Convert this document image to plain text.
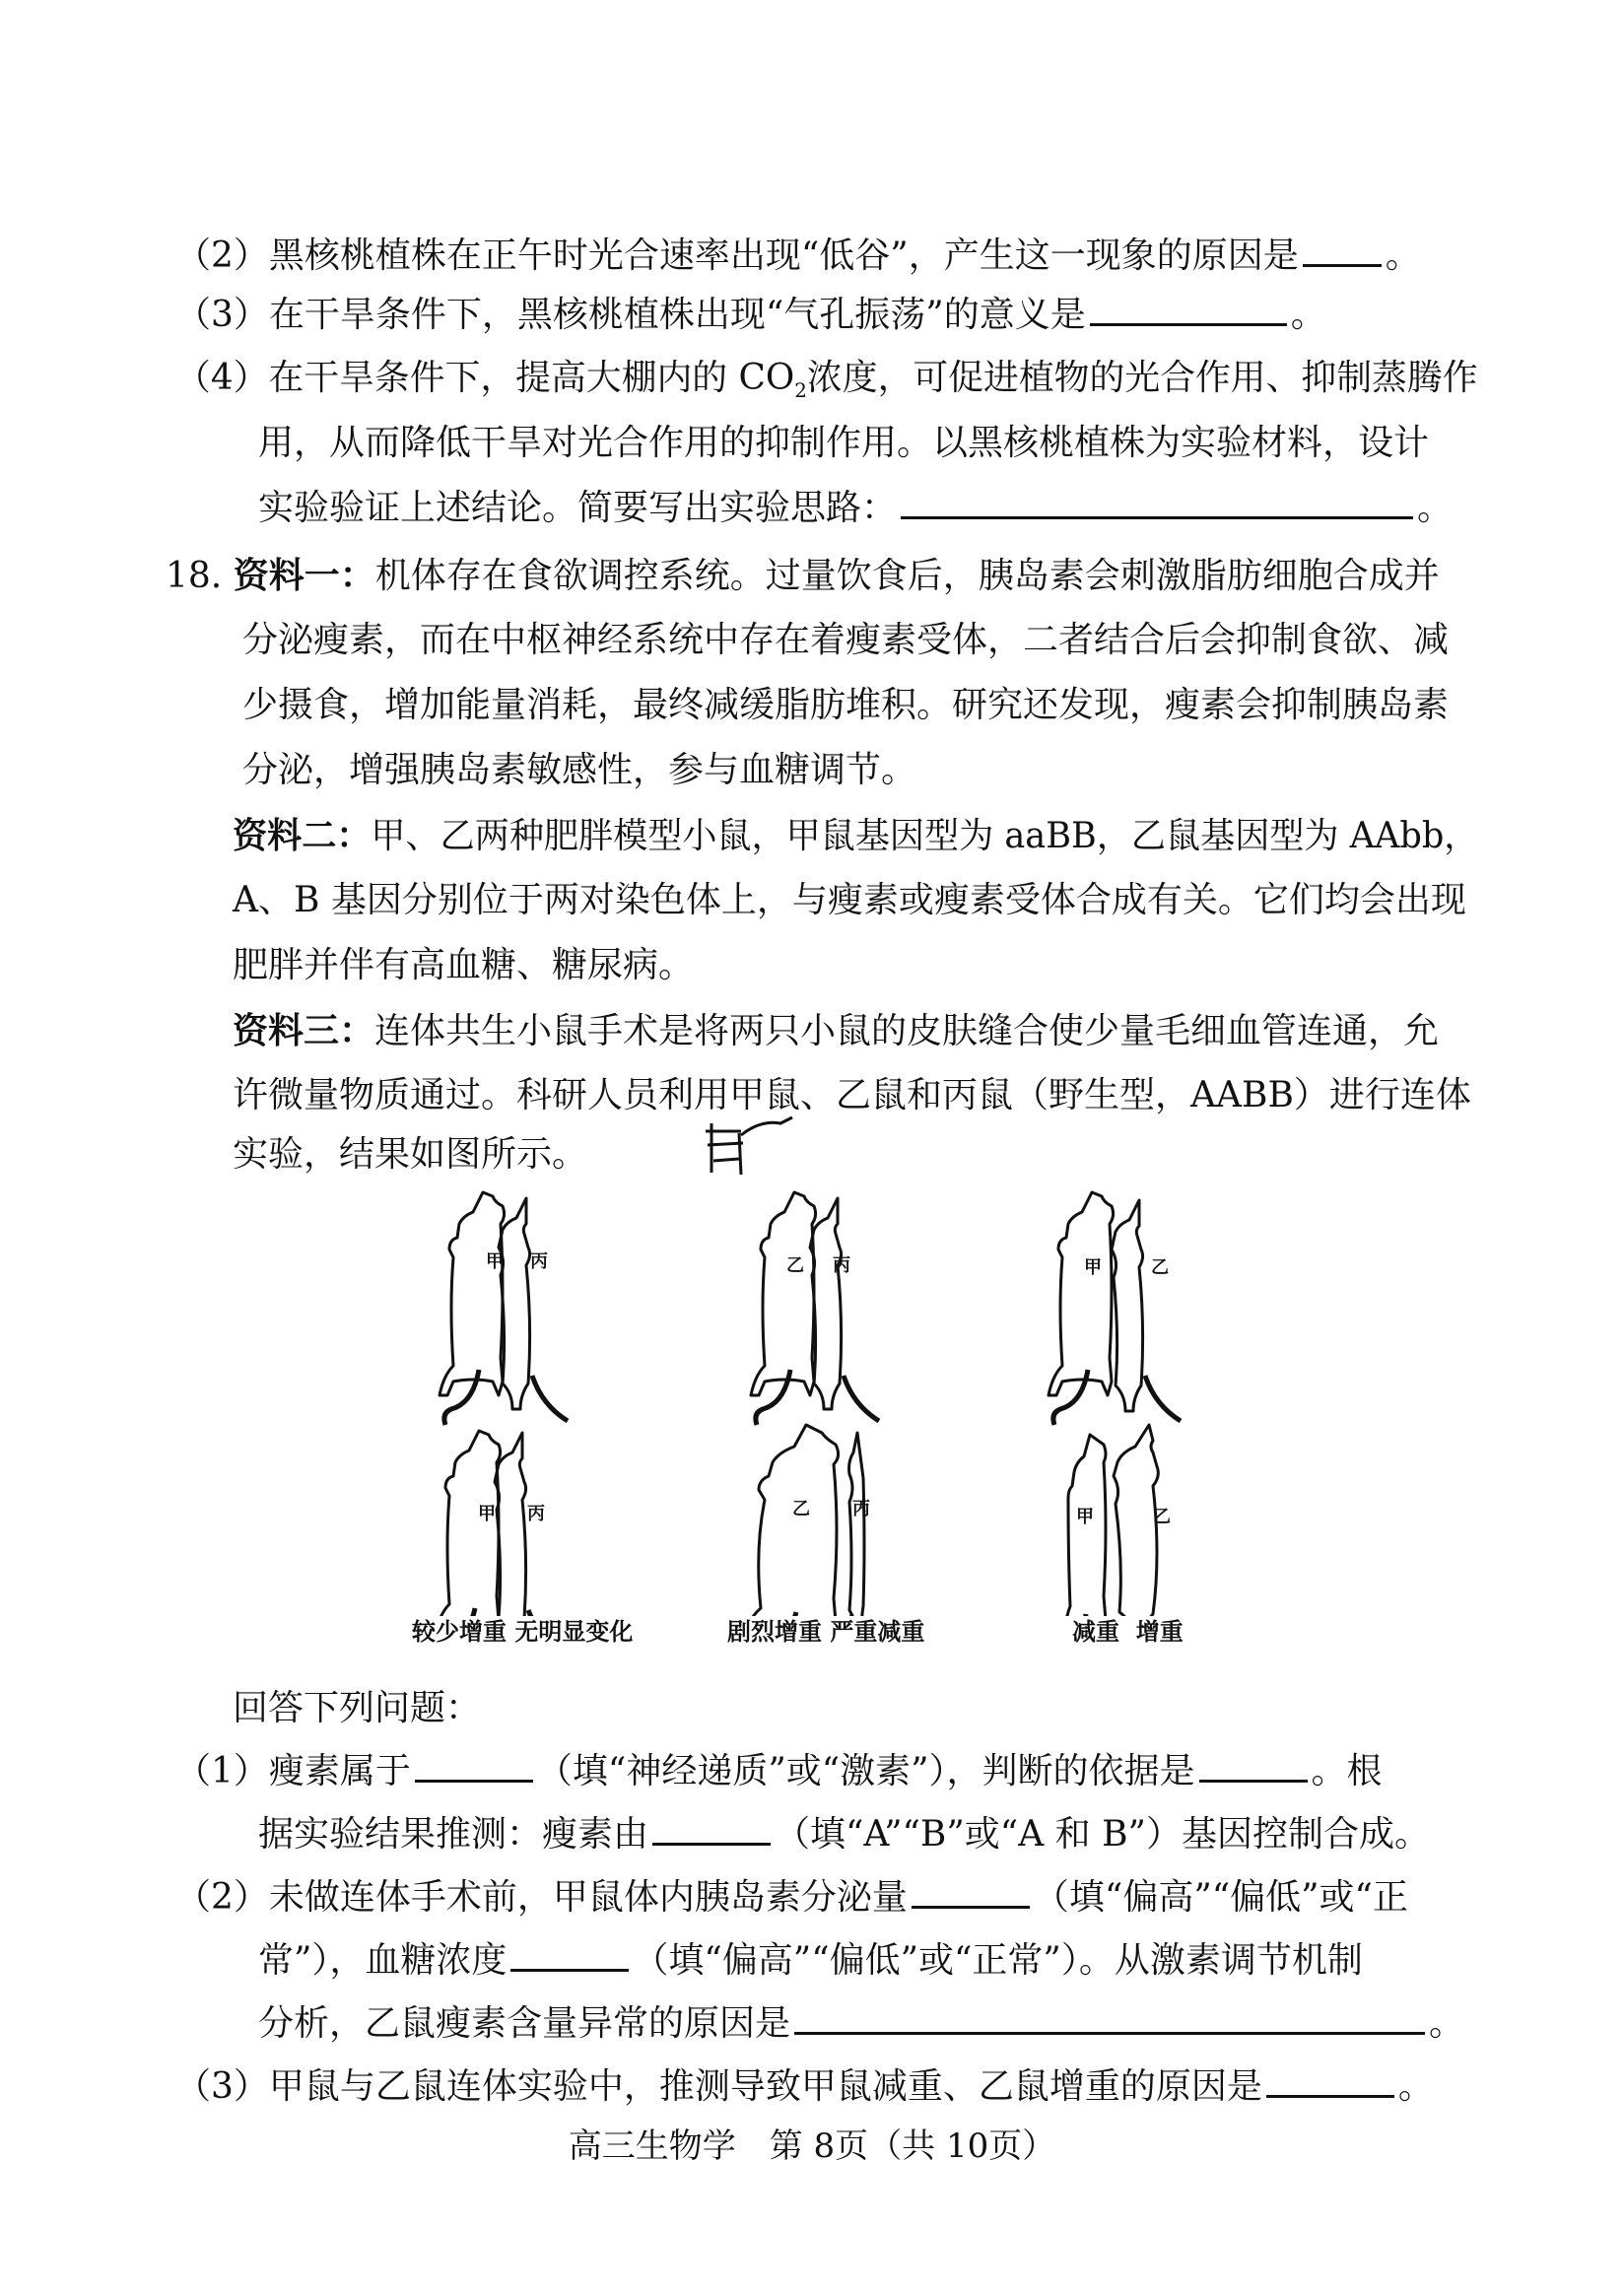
（2）黑核桃植株在正午时光合速率出现“低谷”，产生这一现象的原因是 。
（3）在干旱条件下，黑核桃植株出现“气孔振荡”的意义是	。
（4）在干旱条件下，提高大棚内的 $CO_2$浓度，可促进植物的光合作用、抑制蒸腾作
用，从而降低干旱对光合作用的抑制作用。以黑核桃植株为实验材料，设计
实验验证上述结论。简要写出实验思路：	。
18. 资料一：机体存在食欲调控系统。过量饮食后，胰岛素会刺激脂肪细胞合成并
分泌瘦素，而在中枢神经系统中存在着瘦素受体，二者结合后会抑制食欲、减
少摄食，增加能量消耗，最终减缓脂肪堆积。研究还发现，瘦素会抑制胰岛素
分泌，增强胰岛素敏感性，参与血糖调节。
资料二：甲、乙两种肥胖模型小鼠，甲鼠基因型为 aaBB，乙鼠基因型为 AAbb，
A、B 基因分别位于两对染色体上，与瘦素或瘦素受体合成有关。它们均会出现
肥胖并伴有高血糖、糖尿病。
资料三：连体共生小鼠手术是将两只小鼠的皮肤缝合使少量毛细血管连通，允
许微量物质通过。科研人员利用甲鼠、乙鼠和丙鼠（野生型，AABB）进行连体
实验，结果如图所示。
甲 丙	乙 丙	甲	乙
甲 丙	乙 丙	甲	乙
较少增重 无明显变化	剧烈增重 严重减重	减重  增重
回答下列问题：
（1）瘦素属于	（填“神经递质”或“激素”），判断的依据是	。根
据实验结果推测：瘦素由	（填“A”“B”或“A 和 B”）基因控制合成。
（2）未做连体手术前，甲鼠体内胰岛素分泌量	（填“偏高”“偏低”或“正
常”），血糖浓度	（填“偏高”“偏低”或“正常”）。从激素调节机制
分析，乙鼠瘦素含量异常的原因是	。
（3）甲鼠与乙鼠连体实验中，推测导致甲鼠减重、乙鼠增重的原因是	。
高三生物学　第 8页（共 10页）
